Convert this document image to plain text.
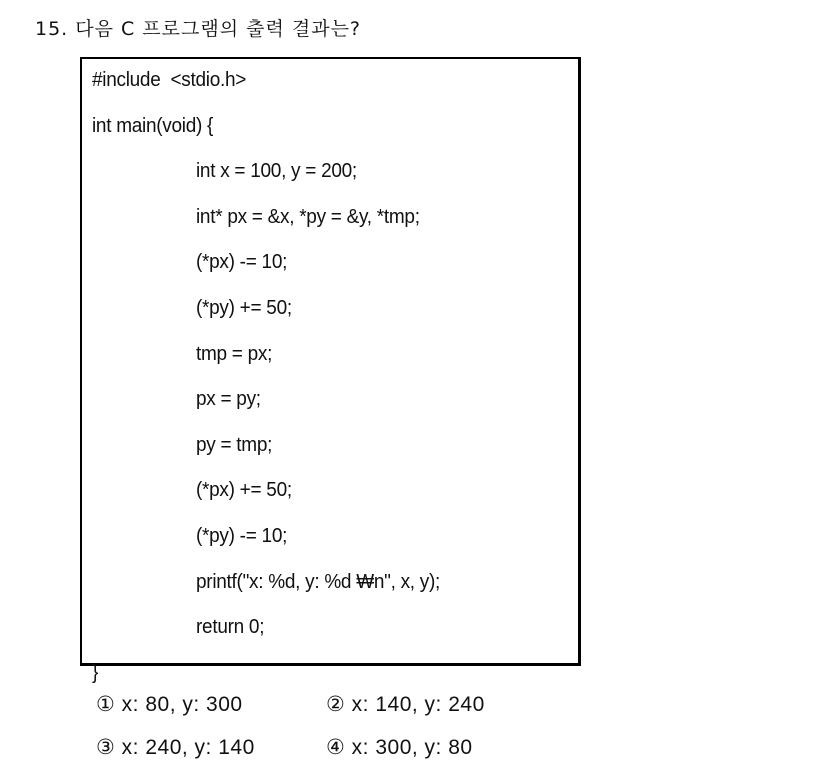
15. 다음 C 프로그램의 출력 결과는?
#include  <stdio.h>
int main(void) {
int x = 100, y = 200;
int* px = &x, *py = &y, *tmp;
(*px) -= 10;
(*py) += 50;
tmp = px;
px = py;
py = tmp;
(*px) += 50;
(*py) -= 10;
printf("x: %d, y: %d ₩n", x, y);
return 0;
}
① x: 80, y: 300	② x: 140, y: 240
③ x: 240, y: 140	④ x: 300, y: 80
